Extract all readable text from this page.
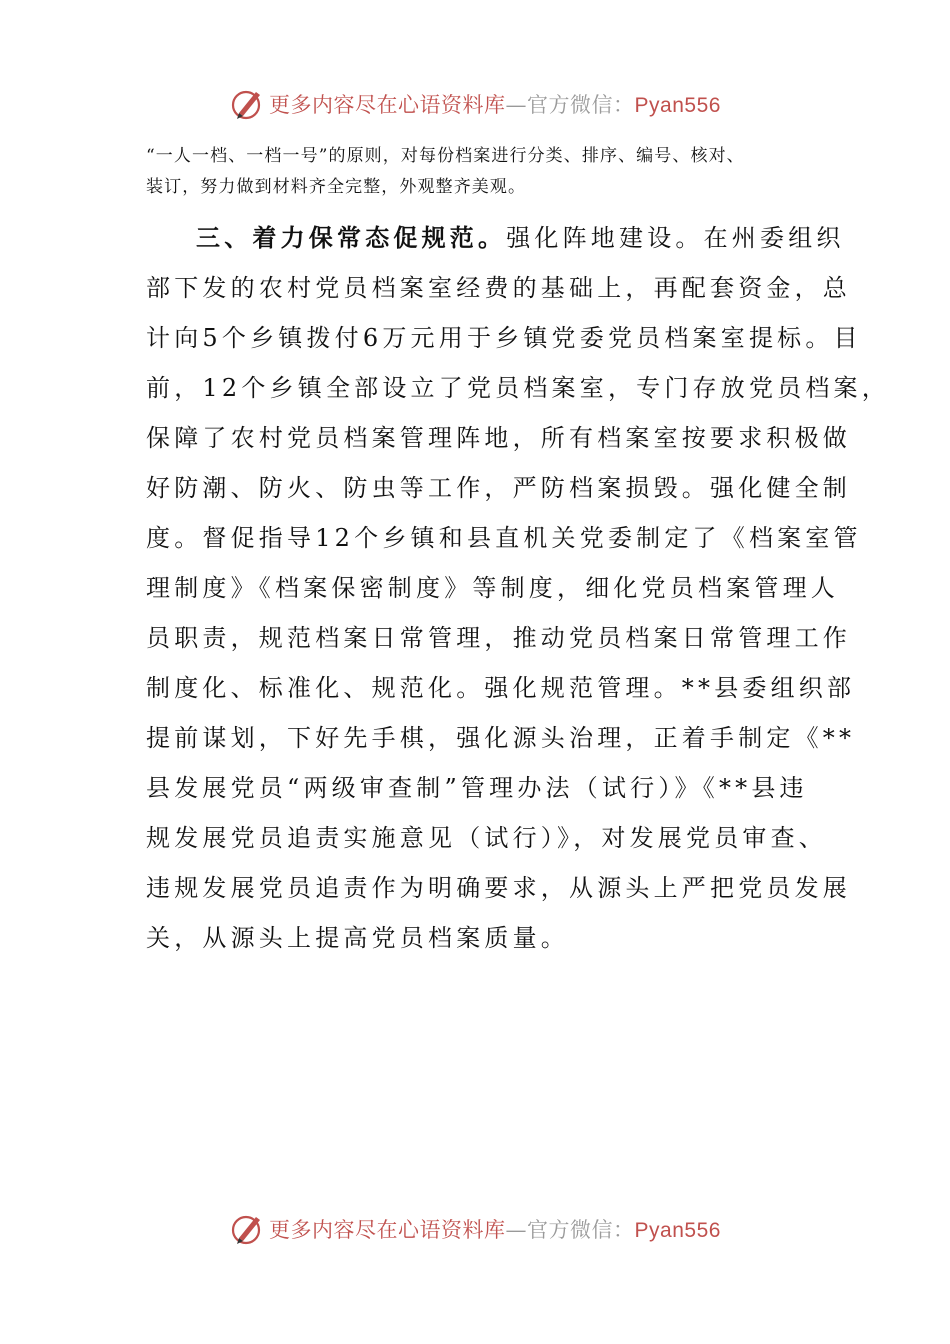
更多内容尽在心语资料库—官方微信：Pyan556
“一人一档、一档一号”的原则，对每份档案进行分类、排序、编号、核对、
装订，努力做到材料齐全完整，外观整齐美观。
三、着力保常态促规范。强化阵地建设。在州委组织
部下发的农村党员档案室经费的基础上，再配套资金，总
计向5个乡镇拨付6万元用于乡镇党委党员档案室提标。目
前，12个乡镇全部设立了党员档案室，专门存放党员档案，
保障了农村党员档案管理阵地，所有档案室按要求积极做
好防潮、防火、防虫等工作，严防档案损毁。强化健全制
度。督促指导12个乡镇和县直机关党委制定了《档案室管
理制度》《档案保密制度》等制度，细化党员档案管理人
员职责，规范档案日常管理，推动党员档案日常管理工作
制度化、标准化、规范化。强化规范管理。**县委组织部
提前谋划，下好先手棋，强化源头治理，正着手制定《**
县发展党员“两级审查制”管理办法（试行）》《**县违
规发展党员追责实施意见（试行）》，对发展党员审查、
违规发展党员追责作为明确要求，从源头上严把党员发展
关，从源头上提高党员档案质量。
更多内容尽在心语资料库—官方微信：Pyan556
